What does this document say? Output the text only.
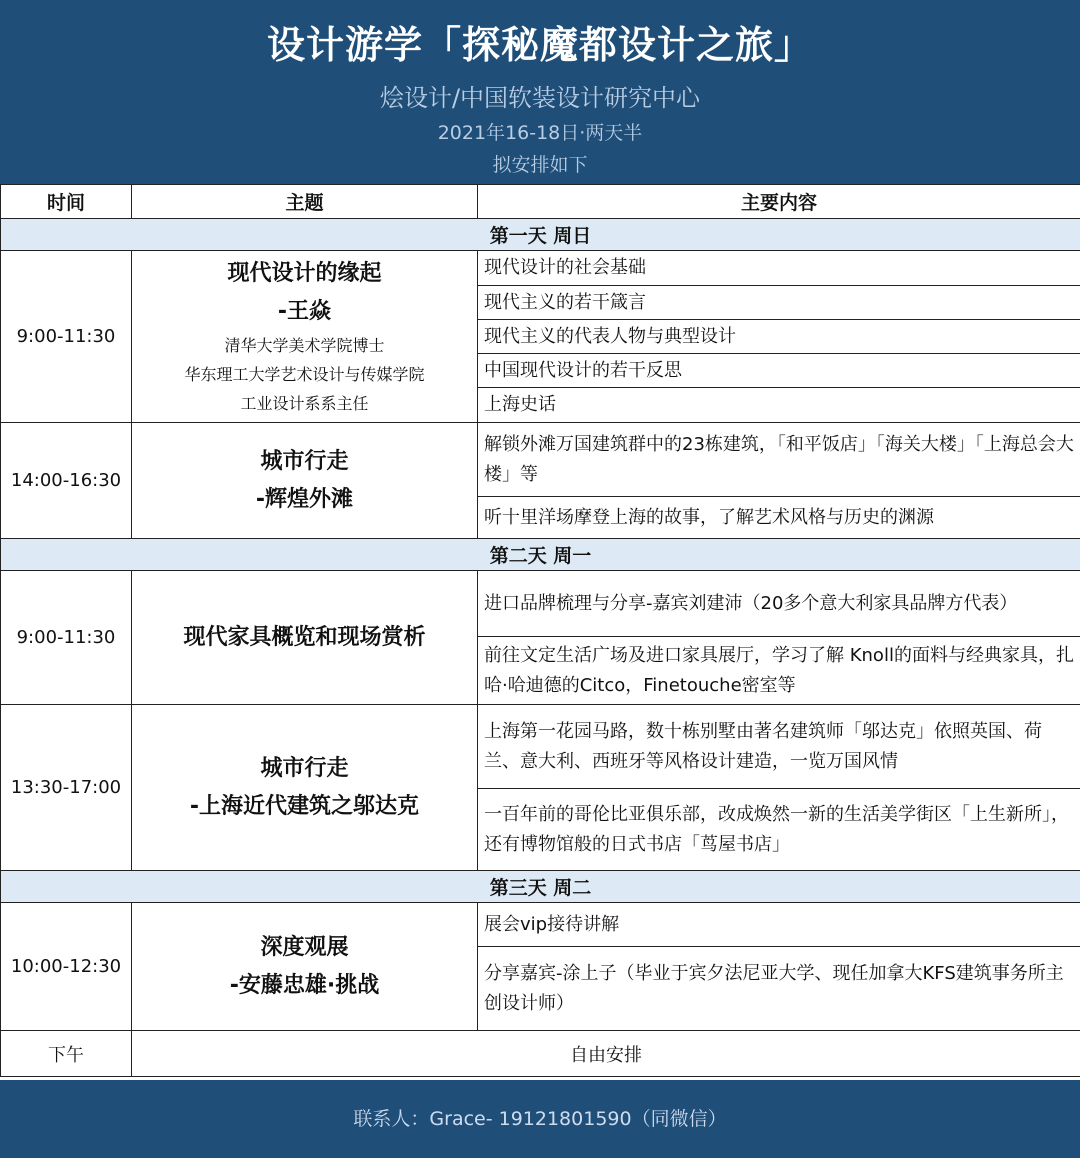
设计游学「探秘魔都设计之旅」
烩设计/中国软装设计研究中心
2021年16-18日·两天半
拟安排如下
时间	主题	主要内容
第一天 周日		
9:00-11:30	现代设计的缘起
-王焱
清华大学美术学院博士
华东理工大学艺术设计与传媒学院
工业设计系系主任	现代设计的社会基础
		现代主义的若干箴言
		现代主义的代表人物与典型设计
		中国现代设计的若干反思
		上海史话
14:00-16:30	城市行走
-辉煌外滩	解锁外滩万国建筑群中的23栋建筑，「和平饭店」「海关大楼」「上海总会大楼」等
		听十里洋场摩登上海的故事，了解艺术风格与历史的渊源
第二天 周一		
9:00-11:30	现代家具概览和现场赏析	进口品牌梳理与分享-嘉宾刘建沛（20多个意大利家具品牌方代表）
		前往文定生活广场及进口家具展厅，学习了解 Knoll的面料与经典家具，扎哈·哈迪德的Citco，Finetouche密室等
13:30-17:00	城市行走
-上海近代建筑之邬达克	上海第一花园马路，数十栋别墅由著名建筑师「邬达克」依照英国、荷兰、意大利、西班牙等风格设计建造，一览万国风情
		一百年前的哥伦比亚俱乐部，改成焕然一新的生活美学街区「上生新所」，还有博物馆般的日式书店「茑屋书店」
第三天 周二		
10:00-12:30	深度观展
-安藤忠雄·挑战	展会vip接待讲解
		分享嘉宾-涂上子（毕业于宾夕法尼亚大学、现任加拿大KFS建筑事务所主创设计师）
下午	自由安排	
联系人：Grace- 19121801590（同微信）
